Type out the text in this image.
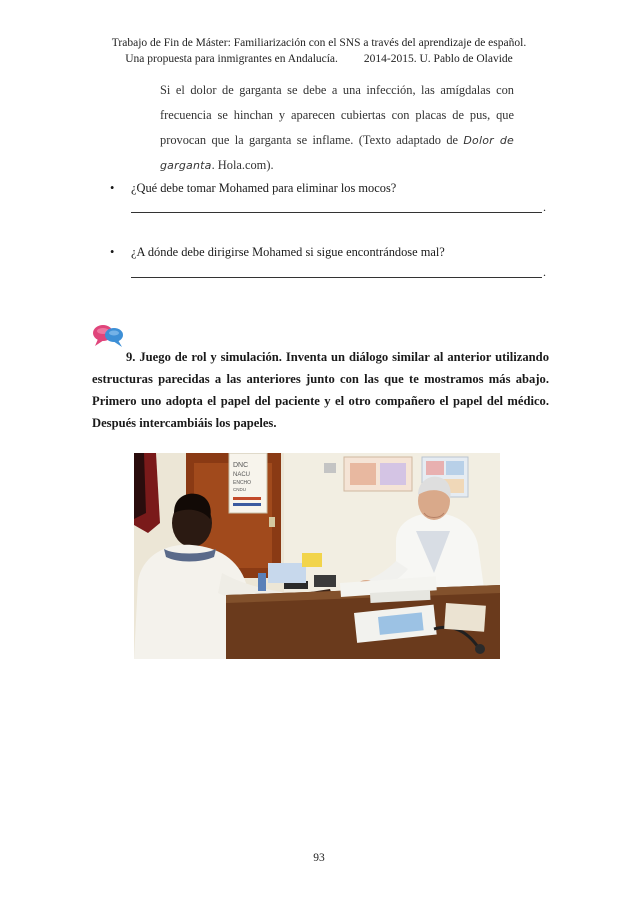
Trabajo de Fin de Máster: Familiarización con el SNS a través del aprendizaje de español.
Una propuesta para inmigrantes en Andalucía. 2014-2015. U. Pablo de Olavide
Si el dolor de garganta se debe a una infección, las amígdalas con frecuencia se hinchan y aparecen cubiertas con placas de pus, que provocan que la garganta se inflame. (Texto adaptado de Dolor de garganta. Hola.com).
• ¿Qué debe tomar Mohamed para eliminar los mocos?
.
• ¿A dónde debe dirigirse Mohamed si sigue encontrándose mal?
.
9. Juego de rol y simulación. Inventa un diálogo similar al anterior utilizando estructuras parecidas a las anteriores junto con las que te mostramos más abajo. Primero uno adopta el papel del paciente y el otro compañero el papel del médico. Después intercambiáis los papeles.
DNC
NACU
ENCHO
CNDU
93
